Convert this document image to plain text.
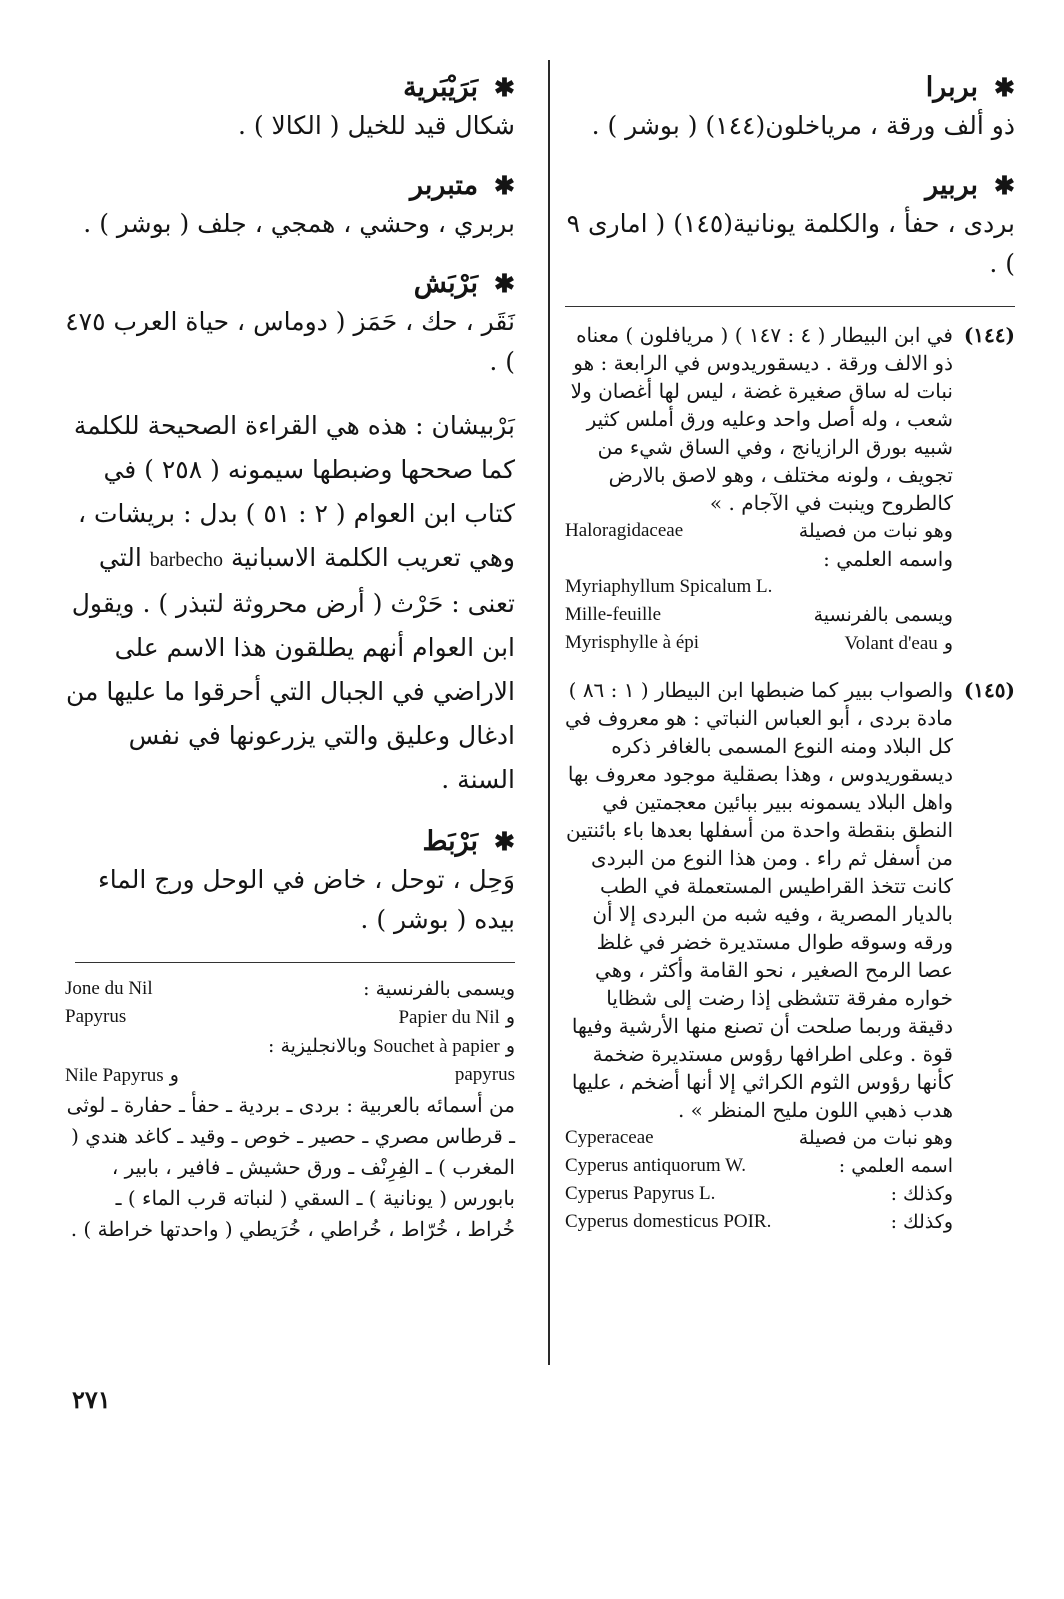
✱
بربرا
ذو ألف ورقة ، مرياخلون(١٤٤) ( بوشر ) .
✱
بربير
بردى ، حفأ ، والكلمة يونانية(١٤٥) ( اماری ٩ ) .
(١٤٤)
في ابن البيطار ( ٤ : ١٤٧ ) ( مريافلون ) معناه ذو الالف ورقة . ديسقوريدوس في الرابعة : هو نبات له ساق صغيرة غضة ، ليس لها أغصان ولا شعب ، وله أصل واحد وعليه ورق أملس كثير شبيه بورق الرازيانج ، وفي الساق شيء من تجويف ، ولونه مختلف ، وهو لاصق بالارض كالطروح وينبت في الآجام . »
وهو نبات من فصيلة
Haloragidaceae
واسمه العلمي :
Myriaphyllum Spicalum L.
ويسمى بالفرنسية
Mille-feuille
و Volant d'eau
Myrisphylle à épi
(١٤٥)
والصواب ببير كما ضبطها ابن البيطار ( ١ : ٨٦ ) مادة بردى ، أبو العباس النباتي : هو معروف في كل البلاد ومنه النوع المسمى بالغافر ذكره ديسقوريدوس ، وهذا بصقلية موجود معروف بها واهل البلاد يسمونه ببير ببائين معجمتين في النطق بنقطة واحدة من أسفلها بعدها باء بائنتين من أسفل ثم راء . ومن هذا النوع من البردى كانت تتخذ القراطيس المستعملة في الطب بالديار المصرية ، وفيه شبه من البردى إلا أن ورقه وسوقه طوال مستديرة خضر في غلظ عصا الرمح الصغير ، نحو القامة وأكثر ، وهي خواره مفرقة تتشظى إذا رضت إلى شظايا دقيقة وربما صلحت أن تصنع منها الأرشية وفيها قوة . وعلى اطرافها رؤوس مستديرة ضخمة كأنها رؤوس الثوم الكراثي إلا أنها أضخم ، عليها هدب ذهبي اللون مليح المنظر » .
وهو نبات من فصيلة
Cyperaceae
اسمه العلمي :
Cyperus antiquorum W.
وكذلك :
Cyperus Papyrus L.
وكذلك :
Cyperus domesticus POIR.
✱
بَرَيْبَرية
شكال قيد للخيل ( الكالا ) .
✱
متبربر
بربري ، وحشي ، همجي ، جلف ( بوشر ) .
✱
بَرْبَش
نَقَر ، حك ، حَمَز ( دوماس ، حياة العرب ٤٧٥ ) .
بَرْبيشان : هذه هي القراءة الصحيحة للكلمة كما صححها وضبطها سيمونه ( ٢٥٨ ) في كتاب ابن العوام ( ٢ : ٥١ ) بدل : بريشات ، وهي تعريب الكلمة الاسبانية barbecho التي تعنى : حَرْث ( أرض محروثة لتبذر ) . ويقول ابن العوام أنهم يطلقون هذا الاسم على الاراضي في الجبال التي أحرقوا ما عليها من ادغال وعليق والتي يزرعونها في نفس السنة .
✱
بَرْبَط
وَحِل ، توحل ، خاض في الوحل ورج الماء بيده ( بوشر ) .
ويسمى بالفرنسية :
Jone du Nil
و Papier du Nil
Papyrus
و Souchet à papier وبالانجليزية :
papyrus
و Nile Papyrus
من أسمائه بالعربية : بردى ـ بردية ـ حفأ ـ حفارة ـ لوثى ـ قرطاس مصري ـ حصير ـ خوص ـ وقيد ـ كاغد هندي ( المغرب ) ـ الفِرِنْف ـ ورق حشيش ـ فافير ، بابير ، بابورس ( يونانية ) ـ السقي ( لنباته قرب الماء ) ـ خُراط ، خُرّاط ، خُراطي ، خُرَيطي ( واحدتها خراطة ) .
٢٧١
